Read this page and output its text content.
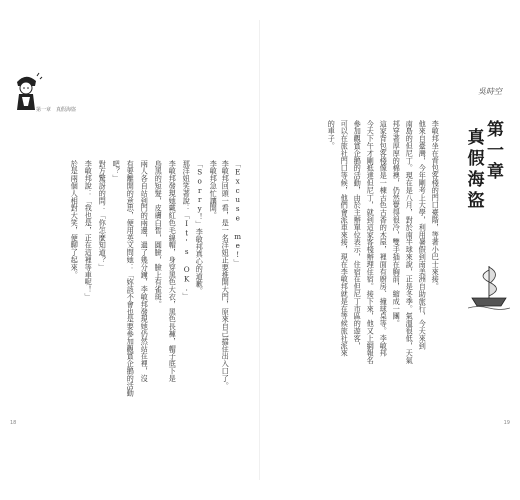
第一章　真假海盜
「Excuse me!」
李敏邦回頭一看，是一名洋妞正要推開大門，原來自己擋住出入口了。
李敏邦急忙讓開。
「Sorry！」李敏邦真心的道歉。
那洋妞笑著說：「It's OK.」
李敏邦發現她戴紅色毛線帽，身穿黑色大衣，黑色長褲，帽子底下是
烏黑的短髮，皮膚白皙，圓臉，臉上有雀斑。
兩人各自站到門的兩邊，過了幾分鐘，李敏邦發現她仍然站在裡，沒
有要離開的意思，便用英文問她：「妳該不會也是要參加觀賞企鵝的活動
吧？」
對方驚訝的問：「你怎麼知道？」
李敏邦說：「我也是，正在這裡等車呢！」
於是兩個人相對大笑，便聊了起來。
18
吳時空
第一章
真假海盜
李敏邦坐在背包客棧的門口臺階，等著小巴士來接。
他來自臺灣，今年剛考上大學，利用暑假到南美洲自助旅行，今天來到
南島的但尼丁。現在是八月，對於南半球來說，正是冬季。氣溫很低，天氣
邦穿著厚厚的棉襖，仍然覺得很冷，雙手插在胸前，縮成一團。
這家背包客棧像是一棟古色古香的木屋，裡面有廚房、撞球桌等。李敏邦
今天下午才剛抵達但尼丁，就到這家客棧辦理住宿。接下來，他又上網報名
參加觀賞企鵝的活動，由於主辦單位表示，住宿在但尼丁市區的遊客，
可以在旅社門口等候，他們會派車來接，現在李敏邦就是在等候旅社派來
的車子。
19
